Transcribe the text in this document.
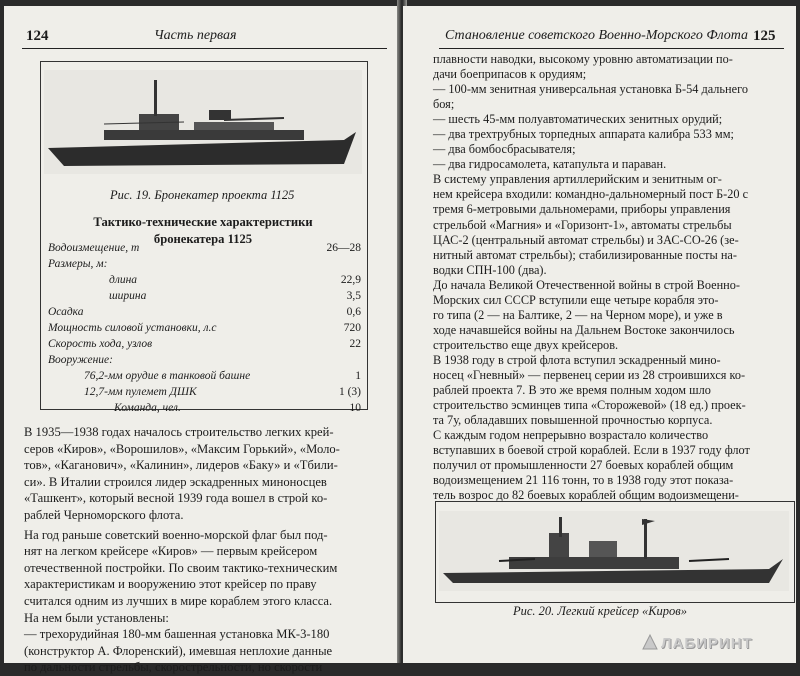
124	Часть первая
Рис. 19. Бронекатер проекта 1125
Тактико-технические характеристики
бронекатера 1125
Водоизмещение, т	26—28
Размеры, м:
длина	22,9
ширина	3,5
Осадка	0,6
Мощность силовой установки, л.с	720
Скорость хода, узлов	22
Вооружение:
76,2-мм орудие в танковой башне	1
12,7-мм пулемет ДШК	1 (3)
Команда, чел.	10
В 1935—1938 годах началось строительство легких крей-
серов «Киров», «Ворошилов», «Максим Горький», «Моло-
тов», «Каганович», «Калинин», лидеров «Баку» и «Тбили-
си». В Италии строился лидер эскадренных миноносцев
«Ташкент», который весной 1939 года вошел в строй ко-
раблей Черноморского флота.
На год раньше советский военно-морской флаг был под-
нят на легком крейсере «Киров» — первым крейсером
отечественной постройки. По своим тактико-техническим
характеристикам и вооружению этот крейсер по праву
считался одним из лучших в мире кораблем этого класса.
На нем были установлены:
— трехорудийная 180-мм башенная установка МК-3-180
(конструктор А. Флоренский), имевшая неплохие данные
по дальности стрельбы, скорострельности, но скорости
Становление советского Военно-Морского Флота 125
плавности наводки, высокому уровню автоматизации по-
дачи боеприпасов к орудиям;
— 100-мм зенитная универсальная установка Б-54 дальнего
боя;
— шесть 45-мм полуавтоматических зенитных орудий;
— два трехтрубных торпедных аппарата калибра 533 мм;
— два бомбосбрасывателя;
— два гидросамолета, катапульта и параван.
В систему управления артиллерийским и зенитным ог-
нем крейсера входили: командно-дальномерный пост Б-20 с
тремя 6-метровыми дальномерами, приборы управления
стрельбой «Магния» и «Горизонт-1», автоматы стрельбы
ЦАС-2 (центральный автомат стрельбы) и ЗАС-СО-26 (зе-
нитный автомат стрельбы); стабилизированные посты на-
водки СПН-100 (два).
До начала Великой Отечественной войны в строй Военно-
Морских сил СССР вступили еще четыре корабля это-
го типа (2 — на Балтике, 2 — на Черном море), и уже в
ходе начавшейся войны на Дальнем Востоке закончилось
строительство еще двух крейсеров.
В 1938 году в строй флота вступил эскадренный мино-
носец «Гневный» — первенец серии из 28 строившихся ко-
раблей проекта 7. В это же время полным ходом шло
строительство эсминцев типа «Сторожевой» (18 ед.) проек-
та 7у, обладавших повышенной прочностью корпуса.
С каждым годом непрерывно возрастало количество
вступавших в боевой строй кораблей. Если в 1937 году флот
получил от промышленности 27 боевых кораблей общим
водоизмещением 21 116 тонн, то в 1938 году этот показа-
тель возрос до 82 боевых кораблей общим водоизмещени-
Рис. 20. Легкий крейсер «Киров»
ЛАБИРИНТ
